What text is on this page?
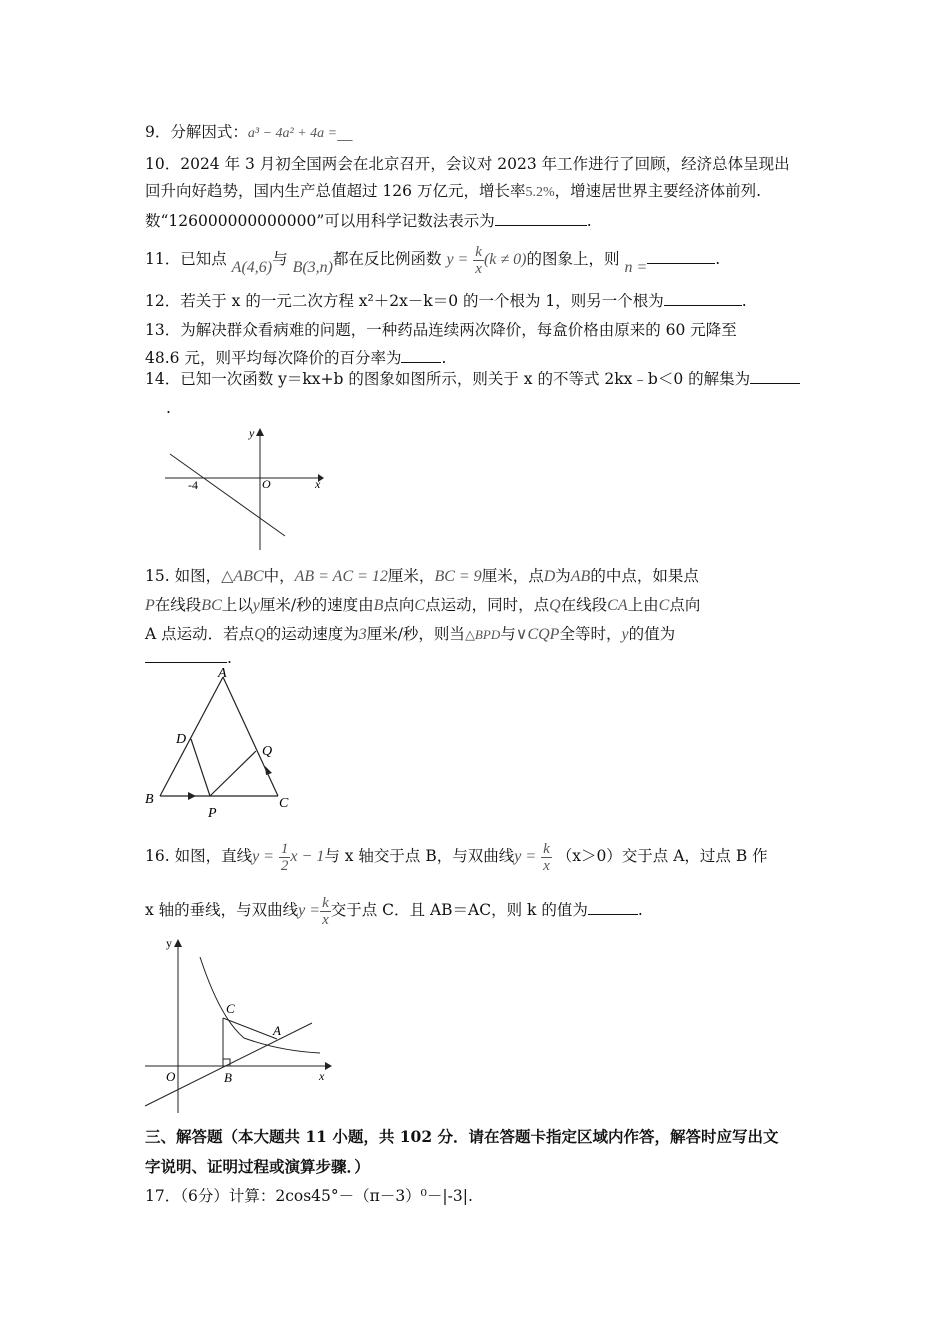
9．分解因式：a³ − 4a² + 4a =__
10．2024 年 3 月初全国两会在北京召开，会议对 2023 年工作进行了回顾，经济总体呈现出
回升向好趋势，国内生产总值超过 126 万亿元，增长率5.2%，增速居世界主要经济体前列.
数“126000000000000”可以用科学记数法表示为	.
11．已知点 A(4,6)与 B(3,n)都在反比例函数 $y = \frac{k}{x} (k \ne 0)$的图象上，则 n =	.
12．若关于 x 的一元二次方程 x²＋2x－k＝0 的一个根为 1，则另一个根为	.
13．为解决群众看病难的问题，一种药品连续两次降价，每盒价格由原来的 60 元降至
48.6 元，则平均每次降价的百分率为	.
14．已知一次函数 y＝kx+b 的图象如图所示，则关于 x 的不等式 2kx﹣b＜0 的解集为
.
y
x
O
-4
15. 如图，△ABC中，AB = AC = 12厘米，BC = 9厘米，点D为AB的中点，如果点
P在线段BC上以y厘米/秒的速度由B点向C点运动，同时，点Q在线段CA上由C点向
A 点运动．若点Q的运动速度为3厘米/秒，则当△BPD与∨CQP全等时，y的值为
.
A
D
Q
B
P
C
16. 如图，直线$y = \frac{1}{2}$ x − 1与 x 轴交于点 B，与双曲线$y = \frac{k}{x} (x>0)$交于点 A，过点 B 作
x 轴的垂线，与双曲线$y = \frac{k}{x}$ 交于点 C．且 AB＝AC，则 k 的值为	.
y
x
O	B
C
A
三、解答题（本大题共 11 小题，共 102 分．请在答题卡指定区域内作答，解答时应写出文
字说明、证明过程或演算步骤．）
17．（6分）计算：2cos45°－（π－3）⁰－|-3|.
